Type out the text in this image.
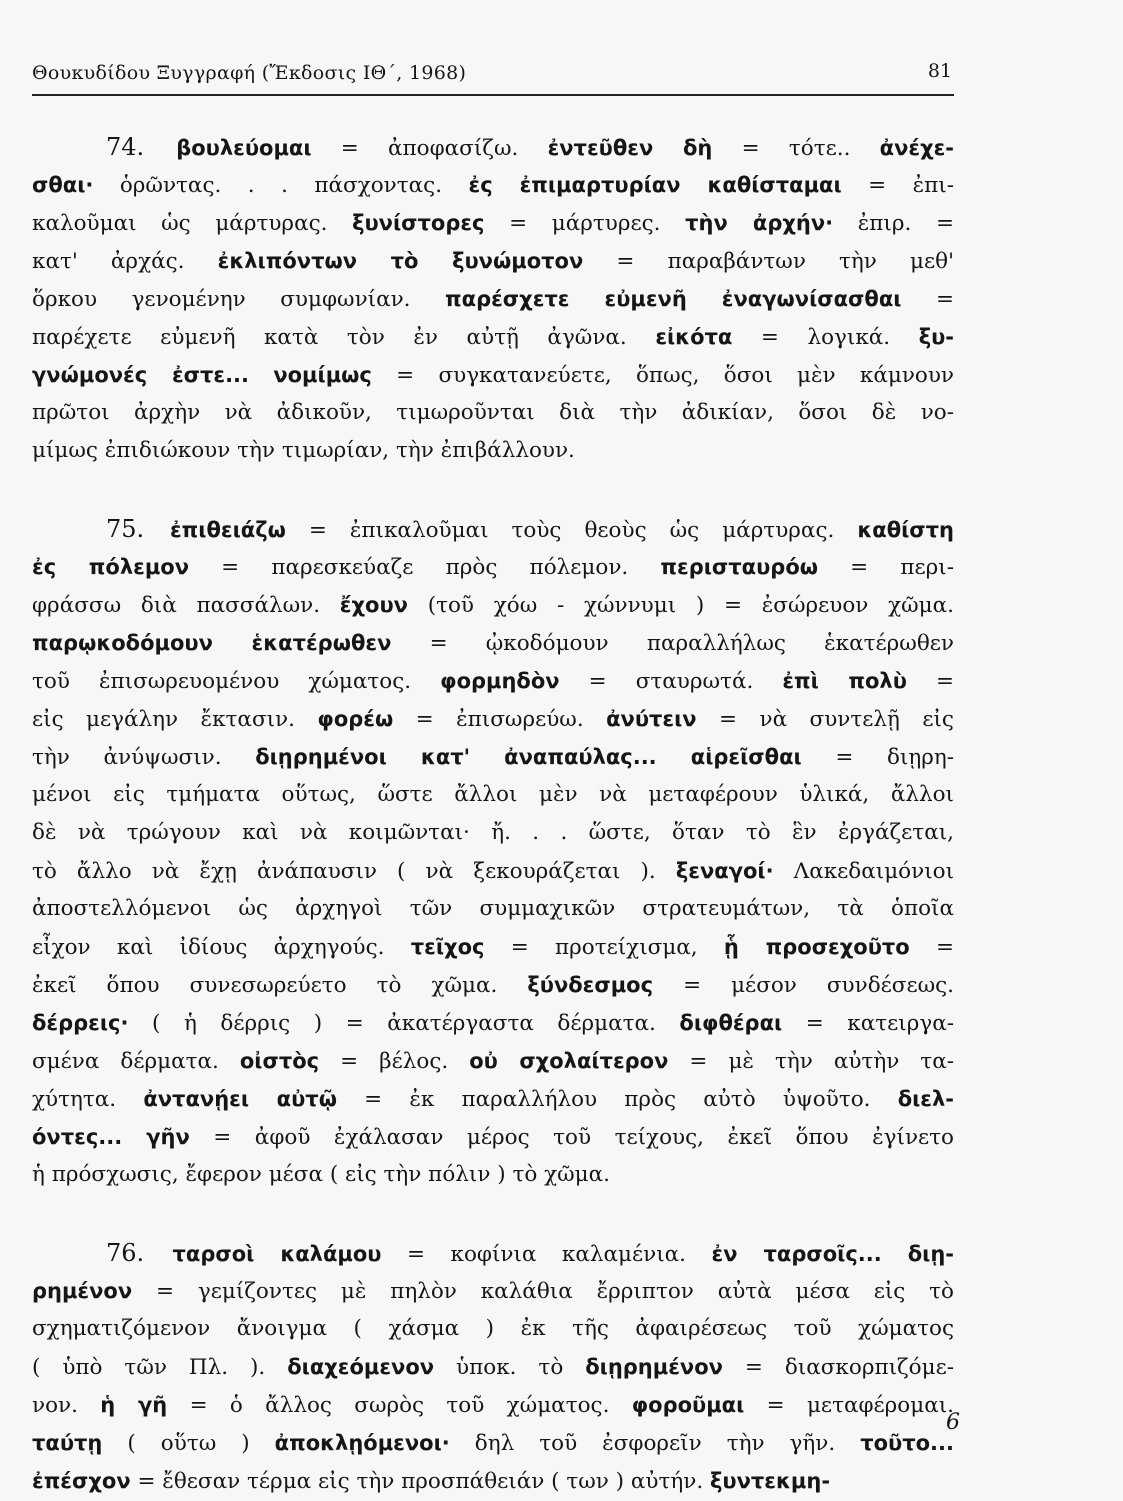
Θουκυδίδου Ξυγγραφή (Ἔκδοσις ΙΘ΄, 1968)	81
74. βουλεύομαι = ἀποφασίζω. ἐντεῦθεν δὴ = τότε.. ἀνέχε-
σθαι· ὁρῶντας. . . πάσχοντας. ἐς ἐπιμαρτυρίαν καθίσταμαι = ἐπι-
καλοῦμαι ὡς μάρτυρας. ξυνίστορες = μάρτυρες. τὴν ἀρχήν· ἐπιρ. =
κατ' ἀρχάς. ἐκλιπόντων τὸ ξυνώμοτον = παραβάντων τὴν μεθ'
ὅρκου γενομένην συμφωνίαν. παρέσχετε εὐμενῆ ἐναγωνίσασθαι =
παρέχετε εὐμενῆ κατὰ τὸν ἐν αὐτῇ ἀγῶνα. εἰκότα = λογικά. ξυ-
γνώμονές ἐστε... νομίμως = συγκατανεύετε, ὅπως, ὅσοι μὲν κάμνουν
πρῶτοι ἀρχὴν νὰ ἀδικοῦν, τιμωροῦνται διὰ τὴν ἀδικίαν, ὅσοι δὲ νο-
μίμως ἐπιδιώκουν τὴν τιμωρίαν, τὴν ἐπιβάλλουν.
75. ἐπιθειάζω = ἐπικαλοῦμαι τοὺς θεοὺς ὡς μάρτυρας. καθίστη
ἐς πόλεμον = παρεσκεύαζε πρὸς πόλεμον. περισταυρόω = περι-
φράσσω διὰ πασσάλων. ἔχουν (τοῦ χόω - χώννυμι ) = ἐσώρευον χῶμα.
παρῳκοδόμουν ἑκατέρωθεν = ᾠκοδόμουν παραλλήλως ἑκατέρωθεν
τοῦ ἐπισωρευομένου χώματος. φορμηδὸν = σταυρωτά. ἐπὶ πολὺ =
εἰς μεγάλην ἔκτασιν. φορέω = ἐπισωρεύω. ἀνύτειν = νὰ συντελῇ εἰς
τὴν ἀνύψωσιν. διῃρημένοι κατ' ἀναπαύλας... αἱρεῖσθαι = διῃρη-
μένοι εἰς τμήματα οὕτως, ὥστε ἄλλοι μὲν νὰ μεταφέρουν ὑλικά, ἄλλοι
δὲ νὰ τρώγουν καὶ νὰ κοιμῶνται· ἤ. . . ὥστε, ὅταν τὸ ἓν ἐργάζεται,
τὸ ἄλλο νὰ ἔχῃ ἀνάπαυσιν ( νὰ ξεκουράζεται ). ξεναγοί· Λακεδαιμόνιοι
ἀποστελλόμενοι ὡς ἀρχηγοὶ τῶν συμμαχικῶν στρατευμάτων, τὰ ὁποῖα
εἶχον καὶ ἰδίους ἀρχηγούς. τεῖχος = προτείχισμα, ᾗ προσεχοῦτο =
ἐκεῖ ὅπου συνεσωρεύετο τὸ χῶμα. ξύνδεσμος = μέσον συνδέσεως.
δέρρεις· ( ἡ δέρρις ) = ἀκατέργαστα δέρματα. διφθέραι = κατειργα-
σμένα δέρματα. οἰστὸς = βέλος. οὐ σχολαίτερον = μὲ τὴν αὐτὴν τα-
χύτητα. ἀντανῄει αὐτῷ = ἐκ παραλλήλου πρὸς αὐτὸ ὑψοῦτο. διελ-
όντες... γῆν = ἀφοῦ ἐχάλασαν μέρος τοῦ τείχους, ἐκεῖ ὅπου ἐγίνετο
ἡ πρόσχωσις, ἔφερον μέσα ( εἰς τὴν πόλιν ) τὸ χῶμα.
76. ταρσοὶ καλάμου = κοφίνια καλαμένια. ἐν ταρσοῖς... διῃ-
ρημένον = γεμίζοντες μὲ πηλὸν καλάθια ἔρριπτον αὐτὰ μέσα εἰς τὸ
σχηματιζόμενον ἄνοιγμα ( χάσμα ) ἐκ τῆς ἀφαιρέσεως τοῦ χώματος
( ὑπὸ τῶν Πλ. ). διαχεόμενον ὑποκ. τὸ διῃρημένον = διασκορπιζόμε-
νον. ἡ γῆ = ὁ ἄλλος σωρὸς τοῦ χώματος. φοροῦμαι = μεταφέρομαι.
ταύτῃ ( οὕτω ) ἀποκλῃόμενοι· δηλ τοῦ ἐσφορεῖν τὴν γῆν. τοῦτο...
ἐπέσχον = ἔθεσαν τέρμα εἰς τὴν προσπάθειάν ( των ) αὐτήν. ξυντεκμη-
6
